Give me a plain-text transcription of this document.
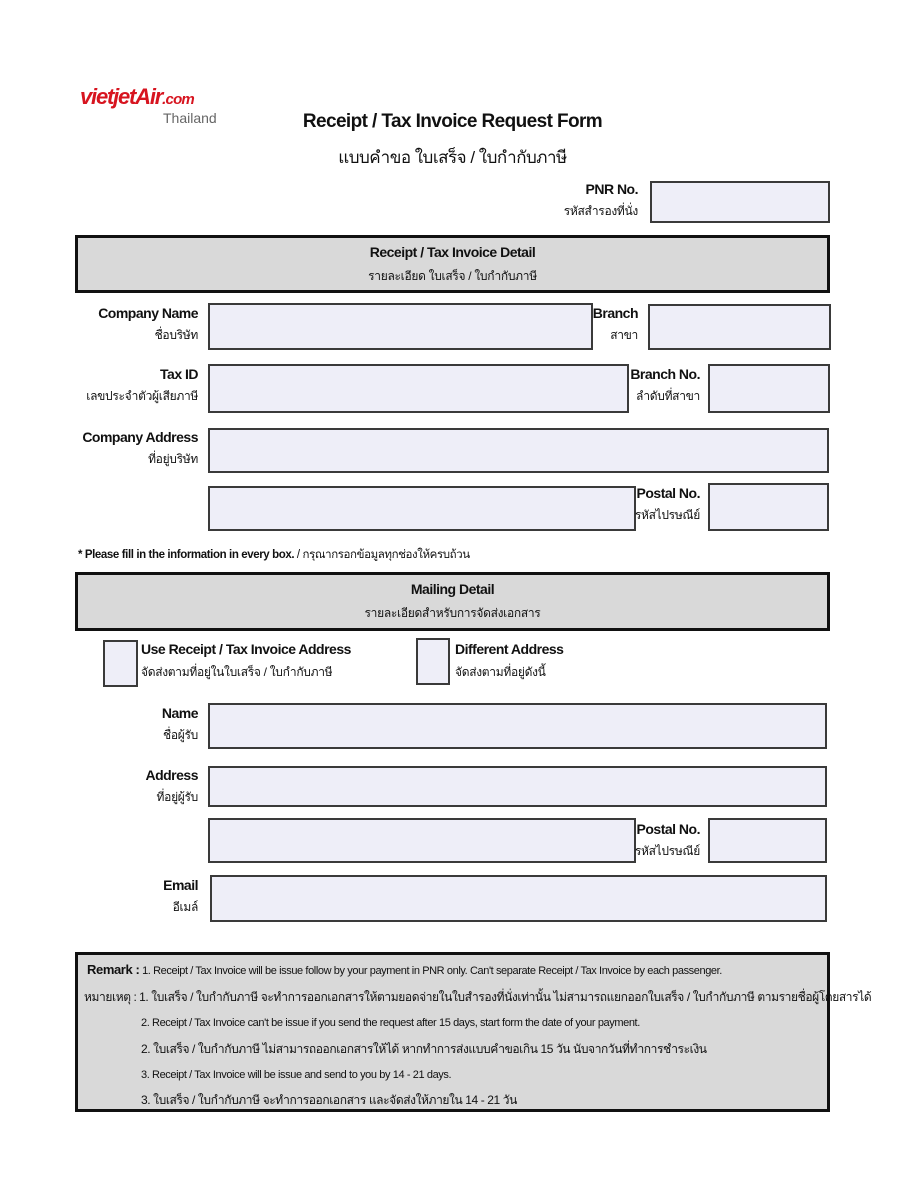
vietjetAir.com
Thailand	Receipt / Tax Invoice Request Form
แบบคำขอ ใบเสร็จ / ใบกำกับภาษี
PNR No.
รหัสสำรองที่นั่ง
Receipt / Tax Invoice Detail
รายละเอียด ใบเสร็จ / ใบกำกับภาษี
Company Name
ชื่อบริษัท
Branch
สาขา
Tax ID
เลขประจำตัวผู้เสียภาษี
Branch No.
ลำดับที่สาขา
Company Address
ที่อยู่บริษัท
Postal No.
รหัสไปรษณีย์
* Please fill in the information in every box. / กรุณากรอกข้อมูลทุกช่องให้ครบถ้วน
Mailing Detail
รายละเอียดสำหรับการจัดส่งเอกสาร
Use Receipt / Tax Invoice Address
จัดส่งตามที่อยู่ในใบเสร็จ / ใบกำกับภาษี
Different Address
จัดส่งตามที่อยู่ดังนี้
Name
ชื่อผู้รับ
Address
ที่อยู่ผู้รับ
Postal No.
รหัสไปรษณีย์
Email
อีเมล์
Remark : 1. Receipt / Tax Invoice will be issue follow by your payment in PNR only. Can't separate Receipt / Tax Invoice by each passenger.
หมายเหตุ : 1. ใบเสร็จ / ใบกำกับภาษี จะทำการออกเอกสารให้ตามยอดจ่ายในใบสำรองที่นั่งเท่านั้น ไม่สามารถแยกออกใบเสร็จ / ใบกำกับภาษี ตามรายชื่อผู้โดยสารได้
2. Receipt / Tax Invoice can't be issue if you send the request after 15 days, start form the date of your payment.
2. ใบเสร็จ / ใบกำกับภาษี ไม่สามารถออกเอกสารให้ได้ หากทำการส่งแบบคำขอเกิน 15 วัน นับจากวันที่ทำการชำระเงิน
3. Receipt / Tax Invoice will be issue and send to you by 14 - 21 days.
3. ใบเสร็จ / ใบกำกับภาษี จะทำการออกเอกสาร และจัดส่งให้ภายใน 14 - 21 วัน
